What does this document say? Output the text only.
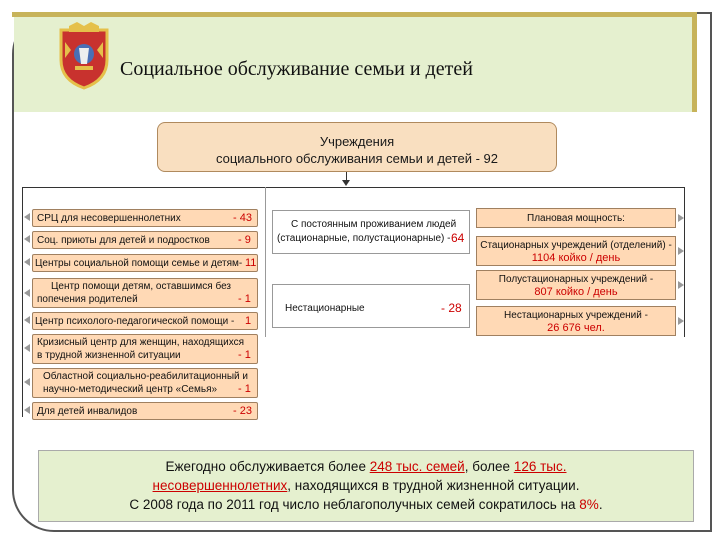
Социальное обслуживание семьи и детей
Учреждения
социального обслуживания семьи и детей - 92
СРЦ для несовершеннолетних	- 43
Соц. приюты для детей и подростков	- 9
Центры социальной помощи семье и детям- 11
Центр помощи детям, оставшимся без
попечения родителей	- 1
Центр психолого-педагогической помощи - 1
Кризисный центр для женщин, находящихся
в трудной жизненной ситуации	- 1
Областной социально-реабилитационный и
научно-методический центр «Семья» - 1
Для детей инвалидов	- 23
С постоянным проживанием людей
(стационарные, полустационарные) - 64
Нестационарные	- 28
Плановая мощность:
Стационарных учреждений (отделений) -
1104 койко / день
Полустационарных учреждений -
807 койко / день
Нестационарных учреждений -
26 676 чел.
Ежегодно обслуживается более 248 тыс. семей, более 126 тыс.
несовершеннолетних, находящихся в трудной жизненной ситуации.
С 2008 года по 2011 год число неблагополучных семей сократилось на 8%.
